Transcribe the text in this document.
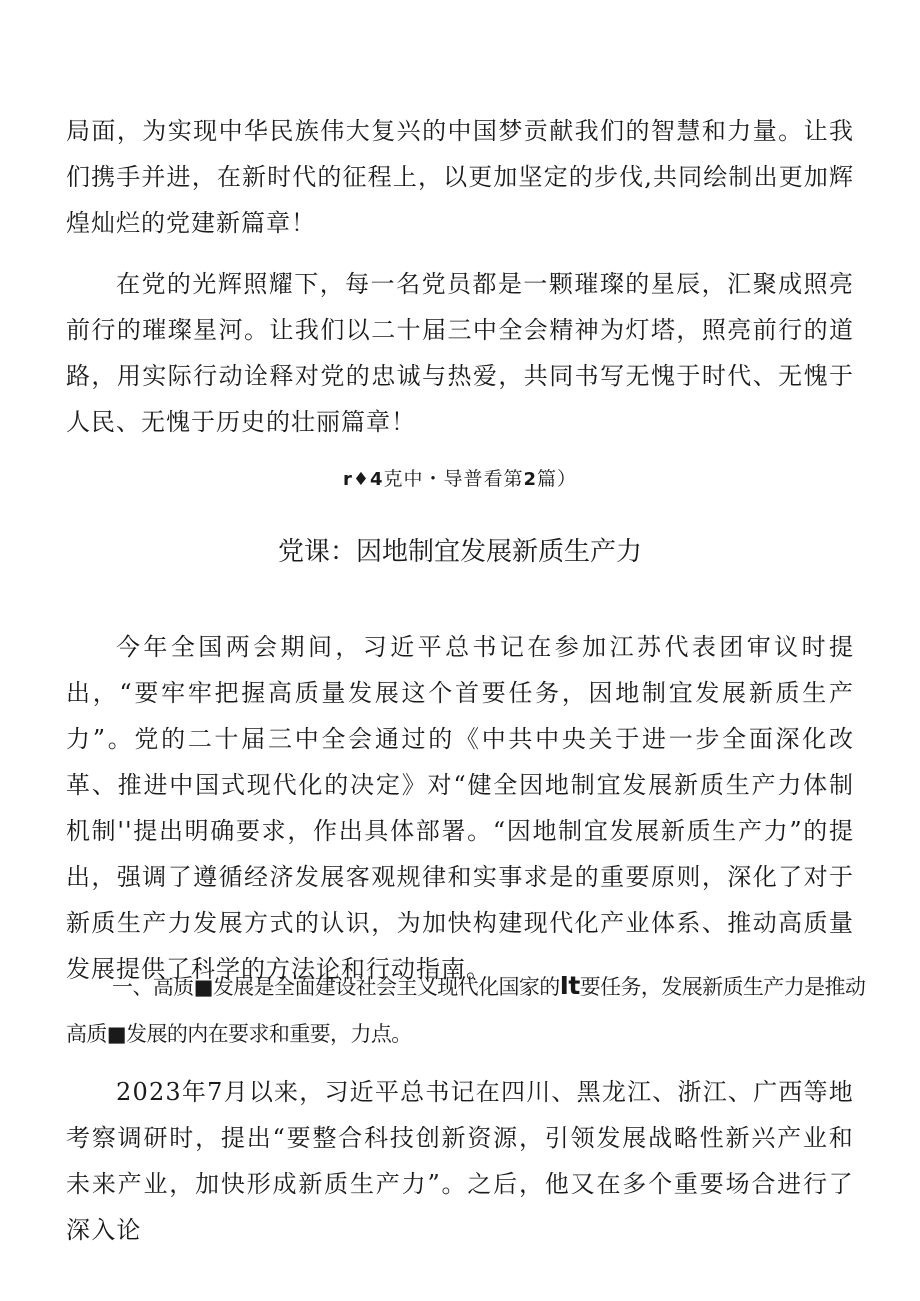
局面，为实现中华民族伟大复兴的中国梦贡献我们的智慧和力量。让我们携手并进，在新时代的征程上，以更加坚定的步伐,共同绘制出更加辉煌灿烂的党建新篇章！

在党的光辉照耀下，每一名党员都是一颗璀璨的星辰，汇聚成照亮前行的璀璨星河。让我们以二十届三中全会精神为灯塔，照亮前行的道路，用实际行动诠释对党的忠诚与热爱，共同书写无愧于时代、无愧于人民、无愧于历史的壮丽篇章！

r♦4克中・导普看第2篇）

党课：因地制宜发展新质生产力

今年全国两会期间，习近平总书记在参加江苏代表团审议时提出，“要牢牢把握高质量发展这个首要任务，因地制宜发展新质生产力”。党的二十届三中全会通过的《中共中央关于进一步全面深化改革、推进中国式现代化的决定》对“健全因地制宜发展新质生产力体制机制''提出明确要求，作出具体部署。“因地制宜发展新质生产力”的提出，强调了遵循经济发展客观规律和实事求是的重要原则，深化了对于新质生产力发展方式的认识，为加快构建现代化产业体系、推动高质量发展提供了科学的方法论和行动指南。

一、高质■发展是全面建设社会主义现代化国家的It要任务，发展新质生产力是推动高质■发展的内在要求和重要，力点。

2023年7月以来，习近平总书记在四川、黑龙江、浙江、广西等地考察调研时，提出“要整合科技创新资源，引领发展战略性新兴产业和未来产业，加快形成新质生产力”。之后，他又在多个重要场合进行了深入论
